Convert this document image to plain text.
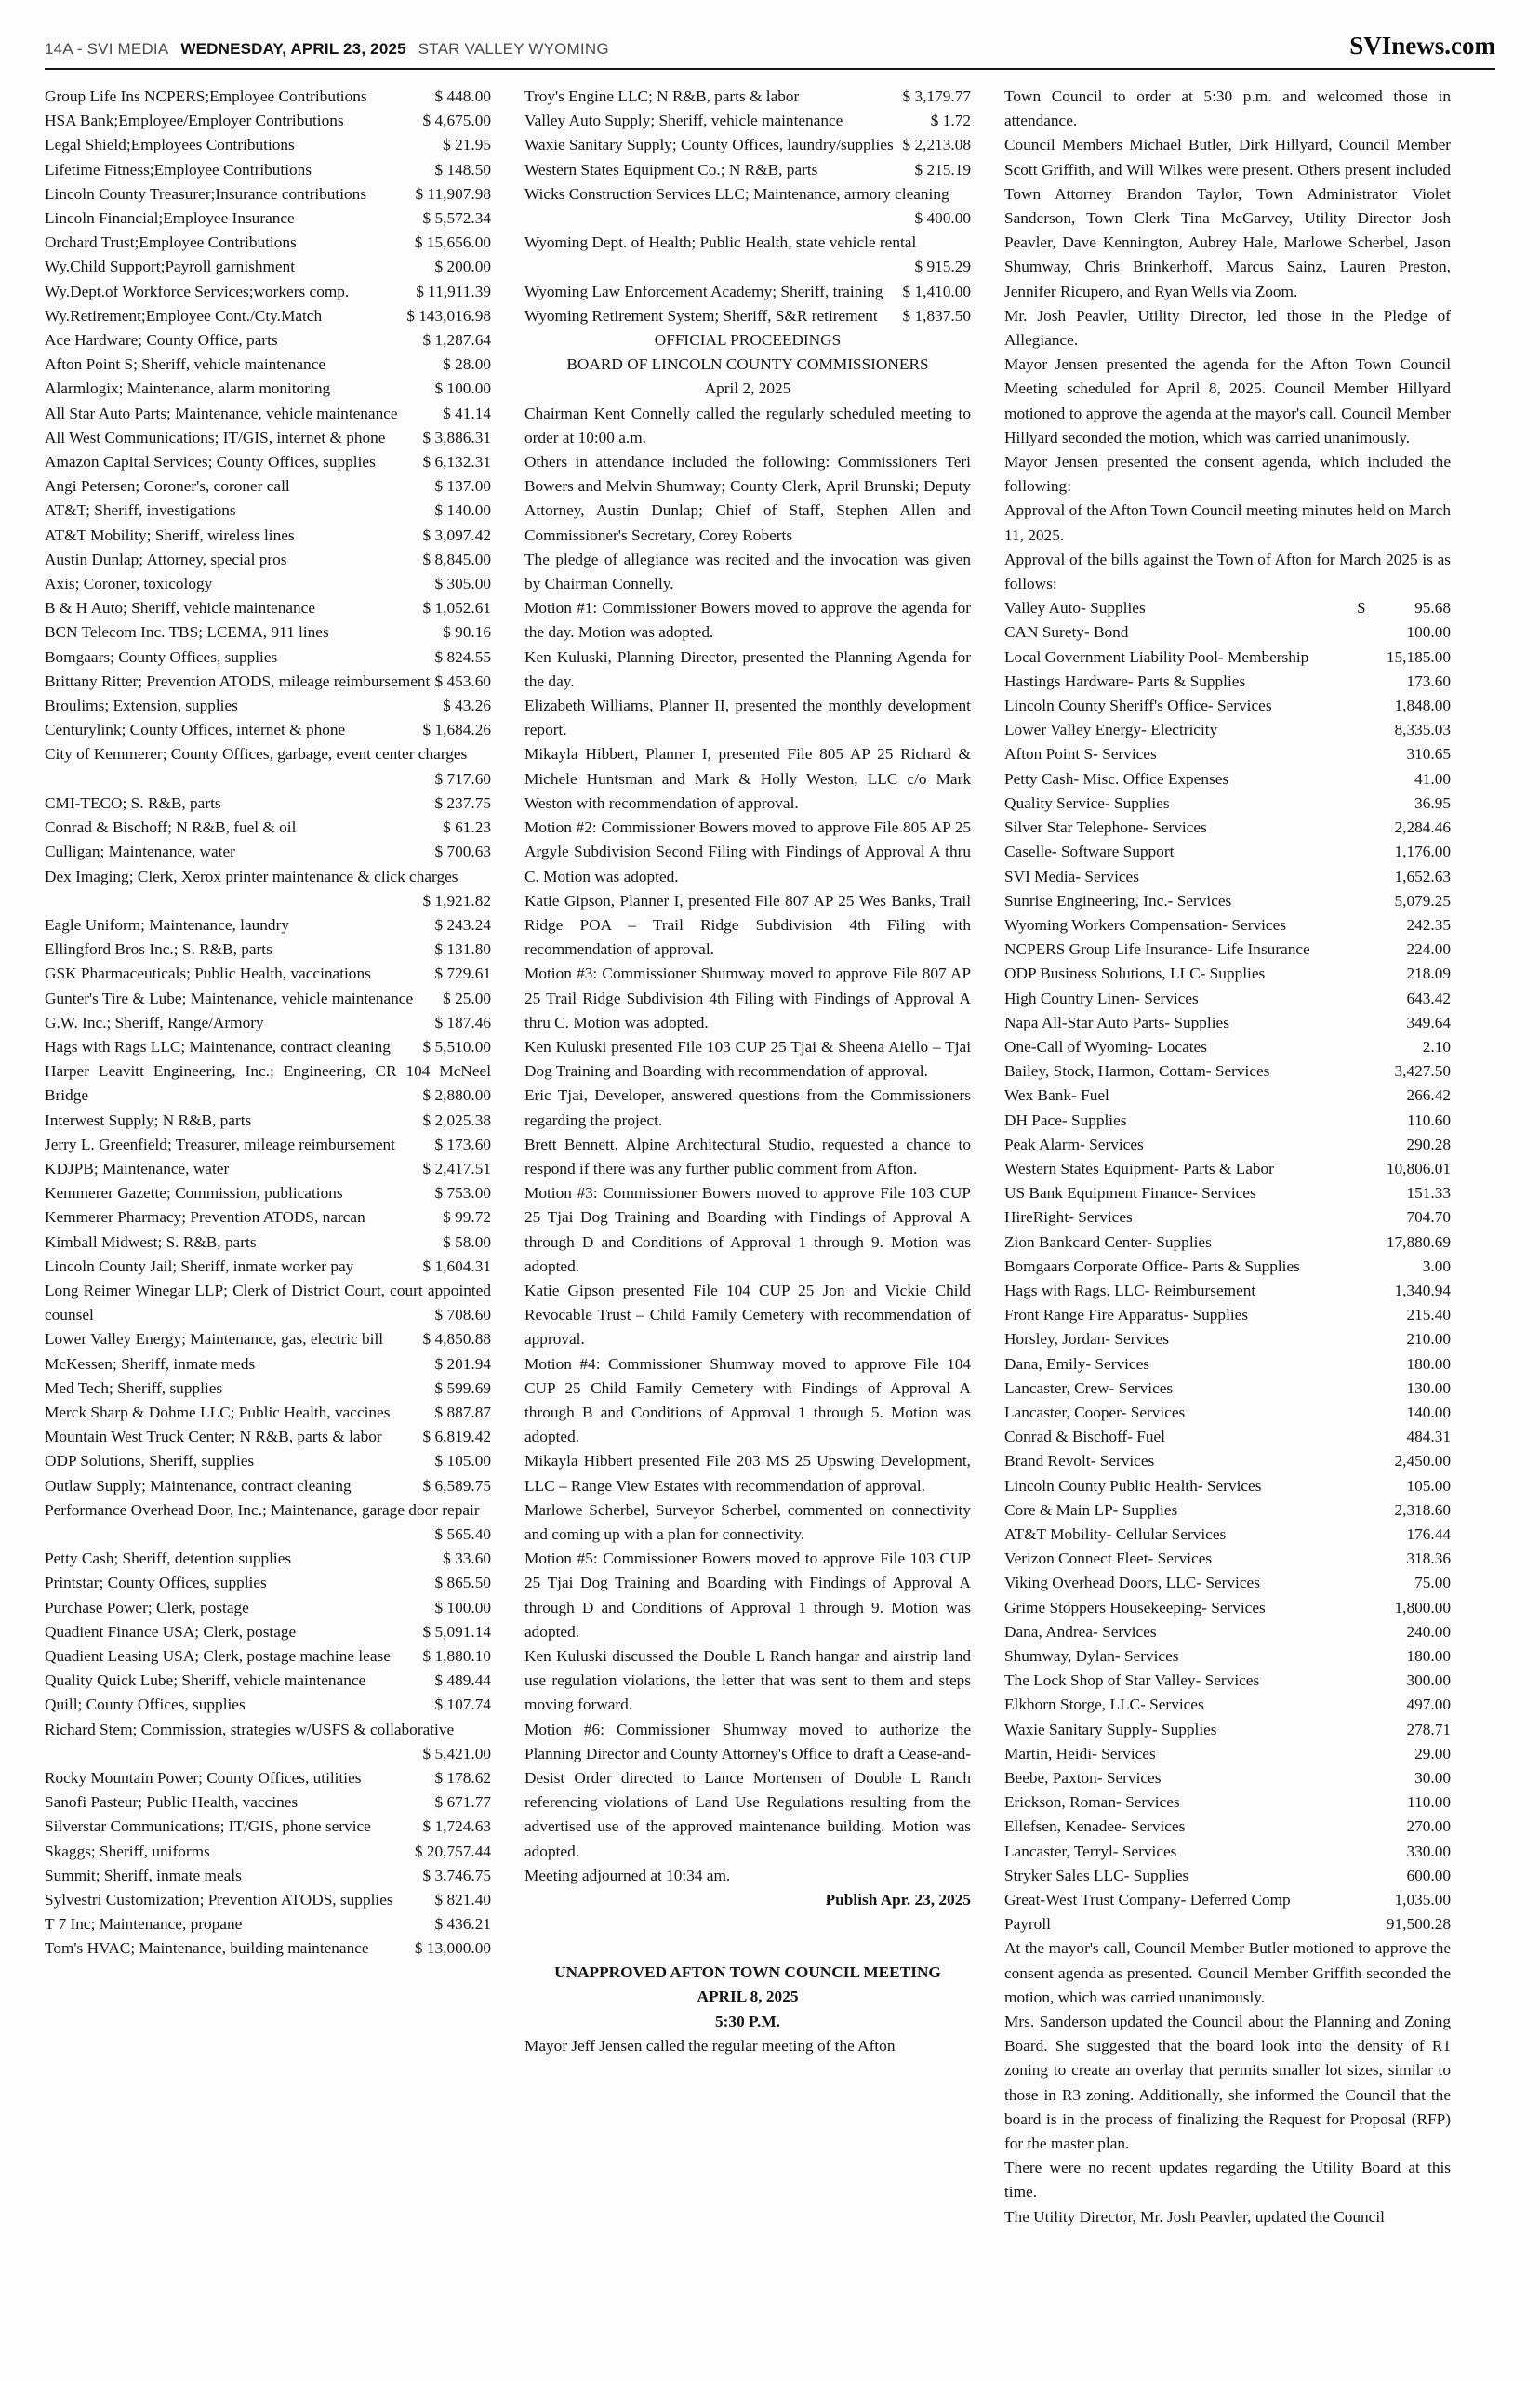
14A - SVI MEDIA WEDNESDAY, APRIL 23, 2025 STAR VALLEY WYOMING	SVInews.com
Group Life Ins NCPERS;Employee Contributions	$ 448.00
HSA Bank;Employee/Employer Contributions	$ 4,675.00
Legal Shield;Employees Contributions	$ 21.95
Lifetime Fitness;Employee Contributions	$ 148.50
Lincoln County Treasurer;Insurance contributions	$ 11,907.98
Lincoln Financial;Employee Insurance	$ 5,572.34
Orchard Trust;Employee Contributions	$ 15,656.00
Wy.Child Support;Payroll garnishment	$ 200.00
Wy.Dept.of Workforce Services;workers comp.	$ 11,911.39
Wy.Retirement;Employee Cont./Cty.Match	$ 143,016.98
Ace Hardware; County Office, parts	$ 1,287.64
Afton Point S; Sheriff, vehicle maintenance	$ 28.00
Alarmlogix; Maintenance, alarm monitoring	$ 100.00
All Star Auto Parts; Maintenance, vehicle maintenance	$ 41.14
All West Communications; IT/GIS, internet & phone $ 3,886.31
Amazon Capital Services; County Offices, supplies	$ 6,132.31
Angi Petersen; Coroner's, coroner call	$ 137.00
AT&T; Sheriff, investigations	$ 140.00
AT&T Mobility; Sheriff, wireless lines	$ 3,097.42
Austin Dunlap; Attorney, special pros	$ 8,845.00
Axis; Coroner, toxicology	$ 305.00
B & H Auto; Sheriff, vehicle maintenance	$ 1,052.61
BCN Telecom Inc. TBS; LCEMA, 911 lines	$ 90.16
Bomgaars; County Offices, supplies	$ 824.55
Brittany Ritter; Prevention ATODS, mileage reimbursement $ 453.60
Broulims; Extension, supplies	$ 43.26
Centurylink; County Offices, internet & phone	$ 1,684.26
City of Kemmerer; County Offices, garbage, event center charges
$ 717.60
CMI-TECO; S. R&B, parts	$ 237.75
Conrad & Bischoff; N R&B, fuel & oil	$ 61.23
Culligan; Maintenance, water	$ 700.63
Dex Imaging; Clerk, Xerox printer maintenance & click charges
$ 1,921.82
Eagle Uniform; Maintenance, laundry	$ 243.24
Ellingford Bros Inc.; S. R&B, parts	$ 131.80
GSK Pharmaceuticals; Public Health, vaccinations	$ 729.61
Gunter's Tire & Lube; Maintenance, vehicle maintenance $ 25.00
G.W. Inc.; Sheriff, Range/Armory	$ 187.46
Hags with Rags LLC; Maintenance, contract cleaning $ 5,510.00
Harper Leavitt Engineering, Inc.; Engineering, CR 104 McNeel Bridge	$ 2,880.00
Interwest Supply; N R&B, parts	$ 2,025.38
Jerry L. Greenfield; Treasurer, mileage reimbursement $ 173.60
KDJPB; Maintenance, water	$ 2,417.51
Kemmerer Gazette; Commission, publications	$ 753.00
Kemmerer Pharmacy; Prevention ATODS, narcan	$ 99.72
Kimball Midwest; S. R&B, parts	$ 58.00
Lincoln County Jail; Sheriff, inmate worker pay	$ 1,604.31
Long Reimer Winegar LLP; Clerk of District Court, court appointed counsel	$ 708.60
Lower Valley Energy; Maintenance, gas, electric bill $ 4,850.88
McKessen; Sheriff, inmate meds	$ 201.94
Med Tech; Sheriff, supplies	$ 599.69
Merck Sharp & Dohme LLC; Public Health, vaccines	$ 887.87
Mountain West Truck Center; N R&B, parts & labor	$ 6,819.42
ODP Solutions, Sheriff, supplies	$ 105.00
Outlaw Supply; Maintenance, contract cleaning	$ 6,589.75
Performance Overhead Door, Inc.; Maintenance, garage door repair
$ 565.40
Petty Cash; Sheriff, detention supplies	$ 33.60
Printstar; County Offices, supplies	$ 865.50
Purchase Power; Clerk, postage	$ 100.00
Quadient Finance USA; Clerk, postage	$ 5,091.14
Quadient Leasing USA; Clerk, postage machine lease $ 1,880.10
Quality Quick Lube; Sheriff, vehicle maintenance	$ 489.44
Quill; County Offices, supplies	$ 107.74
Richard Stem; Commission, strategies w/USFS & collaborative
$ 5,421.00
Rocky Mountain Power; County Offices, utilities	$ 178.62
Sanofi Pasteur; Public Health, vaccines	$ 671.77
Silverstar Communications; IT/GIS, phone service	$ 1,724.63
Skaggs; Sheriff, uniforms	$ 20,757.44
Summit; Sheriff, inmate meals	$ 3,746.75
Sylvestri Customization; Prevention ATODS, supplies	$ 821.40
T 7 Inc; Maintenance, propane	$ 436.21
Tom's HVAC; Maintenance, building maintenance	$ 13,000.00
Troy's Engine LLC; N R&B, parts & labor	$ 3,179.77
Valley Auto Supply; Sheriff, vehicle maintenance	$ 1.72
Waxie Sanitary Supply; County Offices, laundry/supplies $ 2,213.08
Western States Equipment Co.; N R&B, parts	$ 215.19
Wicks Construction Services LLC; Maintenance, armory cleaning
$ 400.00
Wyoming Dept. of Health; Public Health, state vehicle rental
$ 915.29
Wyoming Law Enforcement Academy; Sheriff, training $ 1,410.00
Wyoming Retirement System; Sheriff, S&R retirement $ 1,837.50
OFFICIAL PROCEEDINGS
BOARD OF LINCOLN COUNTY COMMISSIONERS
April 2, 2025

Chairman Kent Connelly called the regularly scheduled meeting to order at 10:00 a.m.

Others in attendance included the following: Commissioners Teri Bowers and Melvin Shumway; County Clerk, April Brunski; Deputy Attorney, Austin Dunlap; Chief of Staff, Stephen Allen and Commissioner's Secretary, Corey Roberts

The pledge of allegiance was recited and the invocation was given by Chairman Connelly.

Motion #1: Commissioner Bowers moved to approve the agenda for the day. Motion was adopted.

Ken Kuluski, Planning Director, presented the Planning Agenda for the day.

Elizabeth Williams, Planner II, presented the monthly development report.

Mikayla Hibbert, Planner I, presented File 805 AP 25 Richard & Michele Huntsman and Mark & Holly Weston, LLC c/o Mark Weston with recommendation of approval.

Motion #2: Commissioner Bowers moved to approve File 805 AP 25 Argyle Subdivision Second Filing with Findings of Approval A thru C. Motion was adopted.

Katie Gipson, Planner I, presented File 807 AP 25 Wes Banks, Trail Ridge POA – Trail Ridge Subdivision 4th Filing with recommendation of approval.

Motion #3: Commissioner Shumway moved to approve File 807 AP 25 Trail Ridge Subdivision 4th Filing with Findings of Approval A thru C. Motion was adopted.

Ken Kuluski presented File 103 CUP 25 Tjai & Sheena Aiello – Tjai Dog Training and Boarding with recommendation of approval.

Eric Tjai, Developer, answered questions from the Commissioners regarding the project.

Brett Bennett, Alpine Architectural Studio, requested a chance to respond if there was any further public comment from Afton.

Motion #3: Commissioner Bowers moved to approve File 103 CUP 25 Tjai Dog Training and Boarding with Findings of Approval A through D and Conditions of Approval 1 through 9. Motion was adopted.

Katie Gipson presented File 104 CUP 25 Jon and Vickie Child Revocable Trust – Child Family Cemetery with recommendation of approval.

Motion #4: Commissioner Shumway moved to approve File 104 CUP 25 Child Family Cemetery with Findings of Approval A through B and Conditions of Approval 1 through 5. Motion was adopted.

Mikayla Hibbert presented File 203 MS 25 Upswing Development, LLC – Range View Estates with recommendation of approval.

Marlowe Scherbel, Surveyor Scherbel, commented on connectivity and coming up with a plan for connectivity.

Motion #5: Commissioner Bowers moved to approve File 103 CUP 25 Tjai Dog Training and Boarding with Findings of Approval A through D and Conditions of Approval 1 through 9. Motion was adopted.

Ken Kuluski discussed the Double L Ranch hangar and airstrip land use regulation violations, the letter that was sent to them and steps moving forward.

Motion #6: Commissioner Shumway moved to authorize the Planning Director and County Attorney's Office to draft a Cease-and-Desist Order directed to Lance Mortensen of Double L Ranch referencing violations of Land Use Regulations resulting from the advertised use of the approved maintenance building. Motion was adopted.

Meeting adjourned at 10:34 am.

Publish Apr. 23, 2025
UNAPPROVED AFTON TOWN COUNCIL MEETING
APRIL 8, 2025
5:30 P.M.

Mayor Jeff Jensen called the regular meeting of the Afton

Town Council to order at 5:30 p.m. and welcomed those in attendance.

Council Members Michael Butler, Dirk Hillyard, Council Member Scott Griffith, and Will Wilkes were present. Others present included Town Attorney Brandon Taylor, Town Administrator Violet Sanderson, Town Clerk Tina McGarvey, Utility Director Josh Peavler, Dave Kennington, Aubrey Hale, Marlowe Scherbel, Jason Shumway, Chris Brinkerhoff, Marcus Sainz, Lauren Preston, Jennifer Ricupero, and Ryan Wells via Zoom.

Mr. Josh Peavler, Utility Director, led those in the Pledge of Allegiance.

Mayor Jensen presented the agenda for the Afton Town Council Meeting scheduled for April 8, 2025. Council Member Hillyard motioned to approve the agenda at the mayor's call. Council Member Hillyard seconded the motion, which was carried unanimously.

Mayor Jensen presented the consent agenda, which included the following:

Approval of the Afton Town Council meeting minutes held on March 11, 2025.

Approval of the bills against the Town of Afton for March 2025 is as follows:

Valley Auto- Supplies	$	95.68
CAN Surety- Bond	100.00
Local Government Liability Pool- Membership	15,185.00
Hastings Hardware- Parts & Supplies	173.60
Lincoln County Sheriff's Office- Services	1,848.00
Lower Valley Energy- Electricity	8,335.03
Afton Point S- Services	310.65
Petty Cash- Misc. Office Expenses	41.00
Quality Service- Supplies	36.95
Silver Star Telephone- Services	2,284.46
Caselle- Software Support	1,176.00
SVI Media- Services	1,652.63
Sunrise Engineering, Inc.- Services	5,079.25
Wyoming Workers Compensation- Services	242.35
NCPERS Group Life Insurance- Life Insurance	224.00
ODP Business Solutions, LLC- Supplies	218.09
High Country Linen- Services	643.42
Napa All-Star Auto Parts- Supplies	349.64
One-Call of Wyoming- Locates	2.10
Bailey, Stock, Harmon, Cottam- Services	3,427.50
Wex Bank- Fuel	266.42
DH Pace- Supplies	110.60
Peak Alarm- Services	290.28
Western States Equipment- Parts & Labor	10,806.01
US Bank Equipment Finance- Services	151.33
HireRight- Services	704.70
Zion Bankcard Center- Supplies	17,880.69
Bomgaars Corporate Office- Parts & Supplies	3.00
Hags with Rags, LLC- Reimbursement	1,340.94
Front Range Fire Apparatus- Supplies	215.40
Horsley, Jordan- Services	210.00
Dana, Emily- Services	180.00
Lancaster, Crew- Services	130.00
Lancaster, Cooper- Services	140.00
Conrad & Bischoff- Fuel	484.31
Brand Revolt- Services	2,450.00
Lincoln County Public Health- Services	105.00
Core & Main LP- Supplies	2,318.60
AT&T Mobility- Cellular Services	176.44
Verizon Connect Fleet- Services	318.36
Viking Overhead Doors, LLC- Services	75.00
Grime Stoppers Housekeeping- Services	1,800.00
Dana, Andrea- Services	240.00
Shumway, Dylan- Services	180.00
The Lock Shop of Star Valley- Services	300.00
Elkhorn Storge, LLC- Services	497.00
Waxie Sanitary Supply- Supplies	278.71
Martin, Heidi- Services	29.00
Beebe, Paxton- Services	30.00
Erickson, Roman- Services	110.00
Ellefsen, Kenadee- Services	270.00
Lancaster, Terryl- Services	330.00
Stryker Sales LLC- Supplies	600.00
Great-West Trust Company- Deferred Comp	1,035.00
Payroll	91,500.28

At the mayor's call, Council Member Butler motioned to approve the consent agenda as presented. Council Member Griffith seconded the motion, which was carried unanimously.

Mrs. Sanderson updated the Council about the Planning and Zoning Board. She suggested that the board look into the density of R1 zoning to create an overlay that permits smaller lot sizes, similar to those in R3 zoning. Additionally, she informed the Council that the board is in the process of finalizing the Request for Proposal (RFP) for the master plan.

There were no recent updates regarding the Utility Board at this time.

The Utility Director, Mr. Josh Peavler, updated the Council
